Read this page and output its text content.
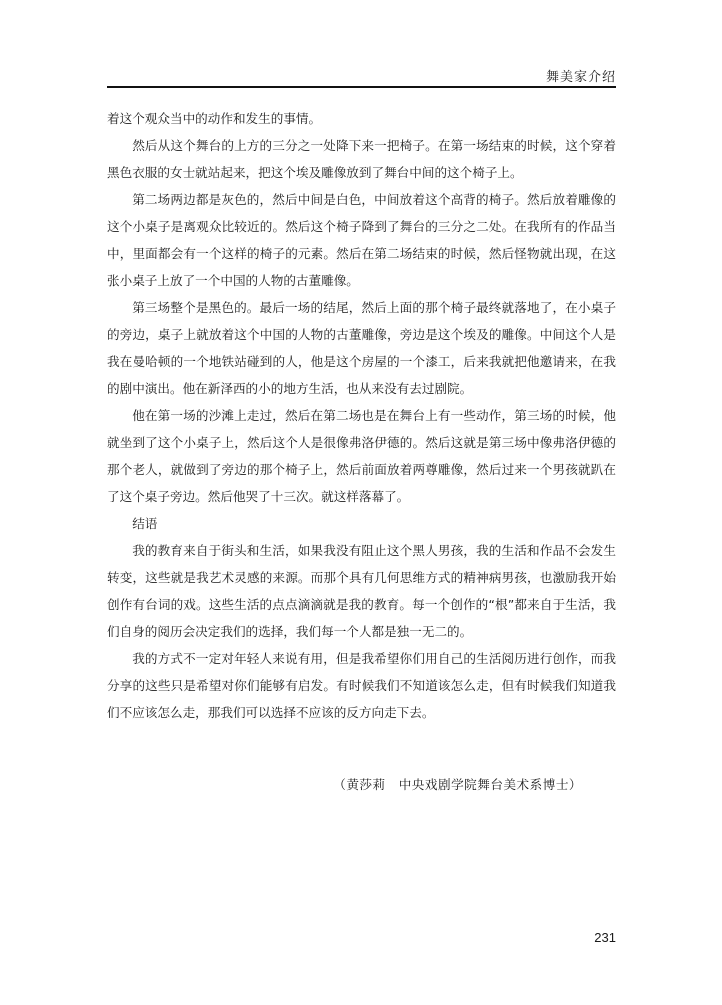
舞美家介绍

着这个观众当中的动作和发生的事情。

然后从这个舞台的上方的三分之一处降下来一把椅子。在第一场结束的时候，这个穿着黑色衣服的女士就站起来，把这个埃及雕像放到了舞台中间的这个椅子上。

第二场两边都是灰色的，然后中间是白色，中间放着这个高背的椅子。然后放着雕像的这个小桌子是离观众比较近的。然后这个椅子降到了舞台的三分之二处。在我所有的作品当中，里面都会有一个这样的椅子的元素。然后在第二场结束的时候，然后怪物就出现，在这张小桌子上放了一个中国的人物的古董雕像。

第三场整个是黑色的。最后一场的结尾，然后上面的那个椅子最终就落地了，在小桌子的旁边，桌子上就放着这个中国的人物的古董雕像，旁边是这个埃及的雕像。中间这个人是我在曼哈顿的一个地铁站碰到的人，他是这个房屋的一个漆工，后来我就把他邀请来，在我的剧中演出。他在新泽西的小的地方生活，也从来没有去过剧院。

他在第一场的沙滩上走过，然后在第二场也是在舞台上有一些动作，第三场的时候，他就坐到了这个小桌子上，然后这个人是很像弗洛伊德的。然后这就是第三场中像弗洛伊德的那个老人，就做到了旁边的那个椅子上，然后前面放着两尊雕像，然后过来一个男孩就趴在了这个桌子旁边。然后他哭了十三次。就这样落幕了。

结语

我的教育来自于街头和生活，如果我没有阻止这个黑人男孩，我的生活和作品不会发生转变，这些就是我艺术灵感的来源。而那个具有几何思维方式的精神病男孩，也激励我开始创作有台词的戏。这些生活的点点滴滴就是我的教育。每一个创作的“根”都来自于生活，我们自身的阅历会决定我们的选择，我们每一个人都是独一无二的。

我的方式不一定对年轻人来说有用，但是我希望你们用自己的生活阅历进行创作，而我分享的这些只是希望对你们能够有启发。有时候我们不知道该怎么走，但有时候我们知道我们不应该怎么走，那我们可以选择不应该的反方向走下去。

（黄莎莉　中央戏剧学院舞台美术系博士）
231
